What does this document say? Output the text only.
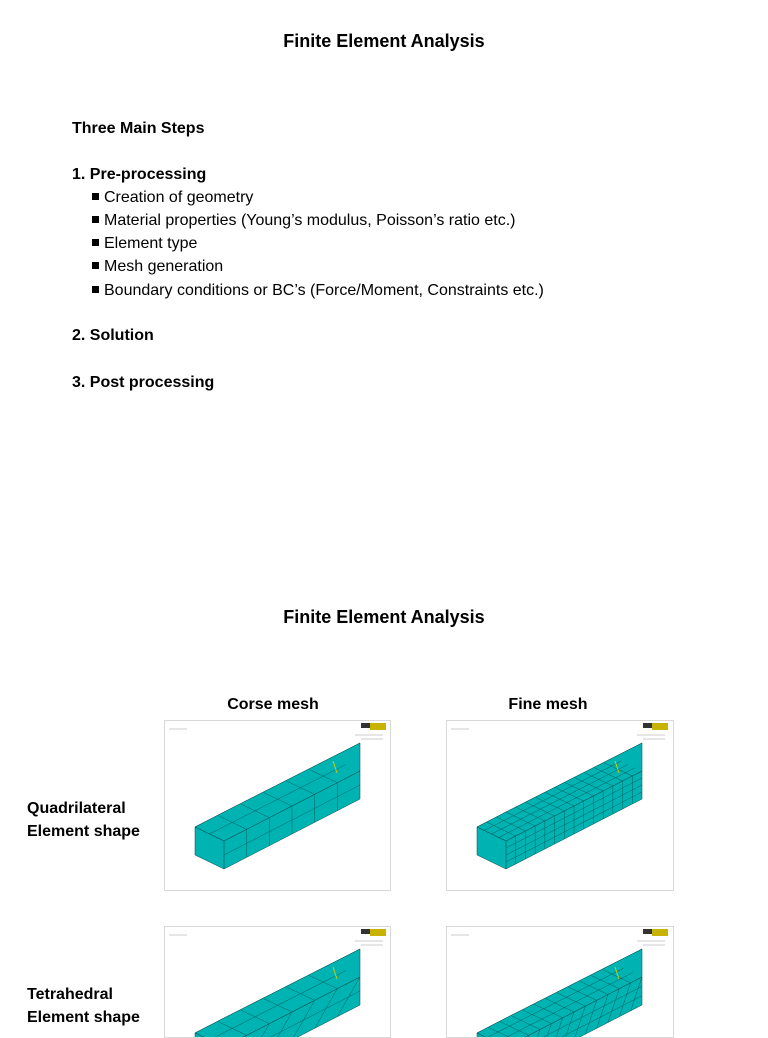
Finite Element Analysis
Three Main Steps
1. Pre-processing
Creation of geometry
Material properties (Young’s modulus, Poisson’s ratio etc.)
Element type
Mesh generation
Boundary conditions or BC’s (Force/Moment, Constraints etc.)
2. Solution
3. Post processing
Finite Element Analysis
Corse mesh	Fine mesh
Quadrilateral
Element shape
Tetrahedral
Element shape
